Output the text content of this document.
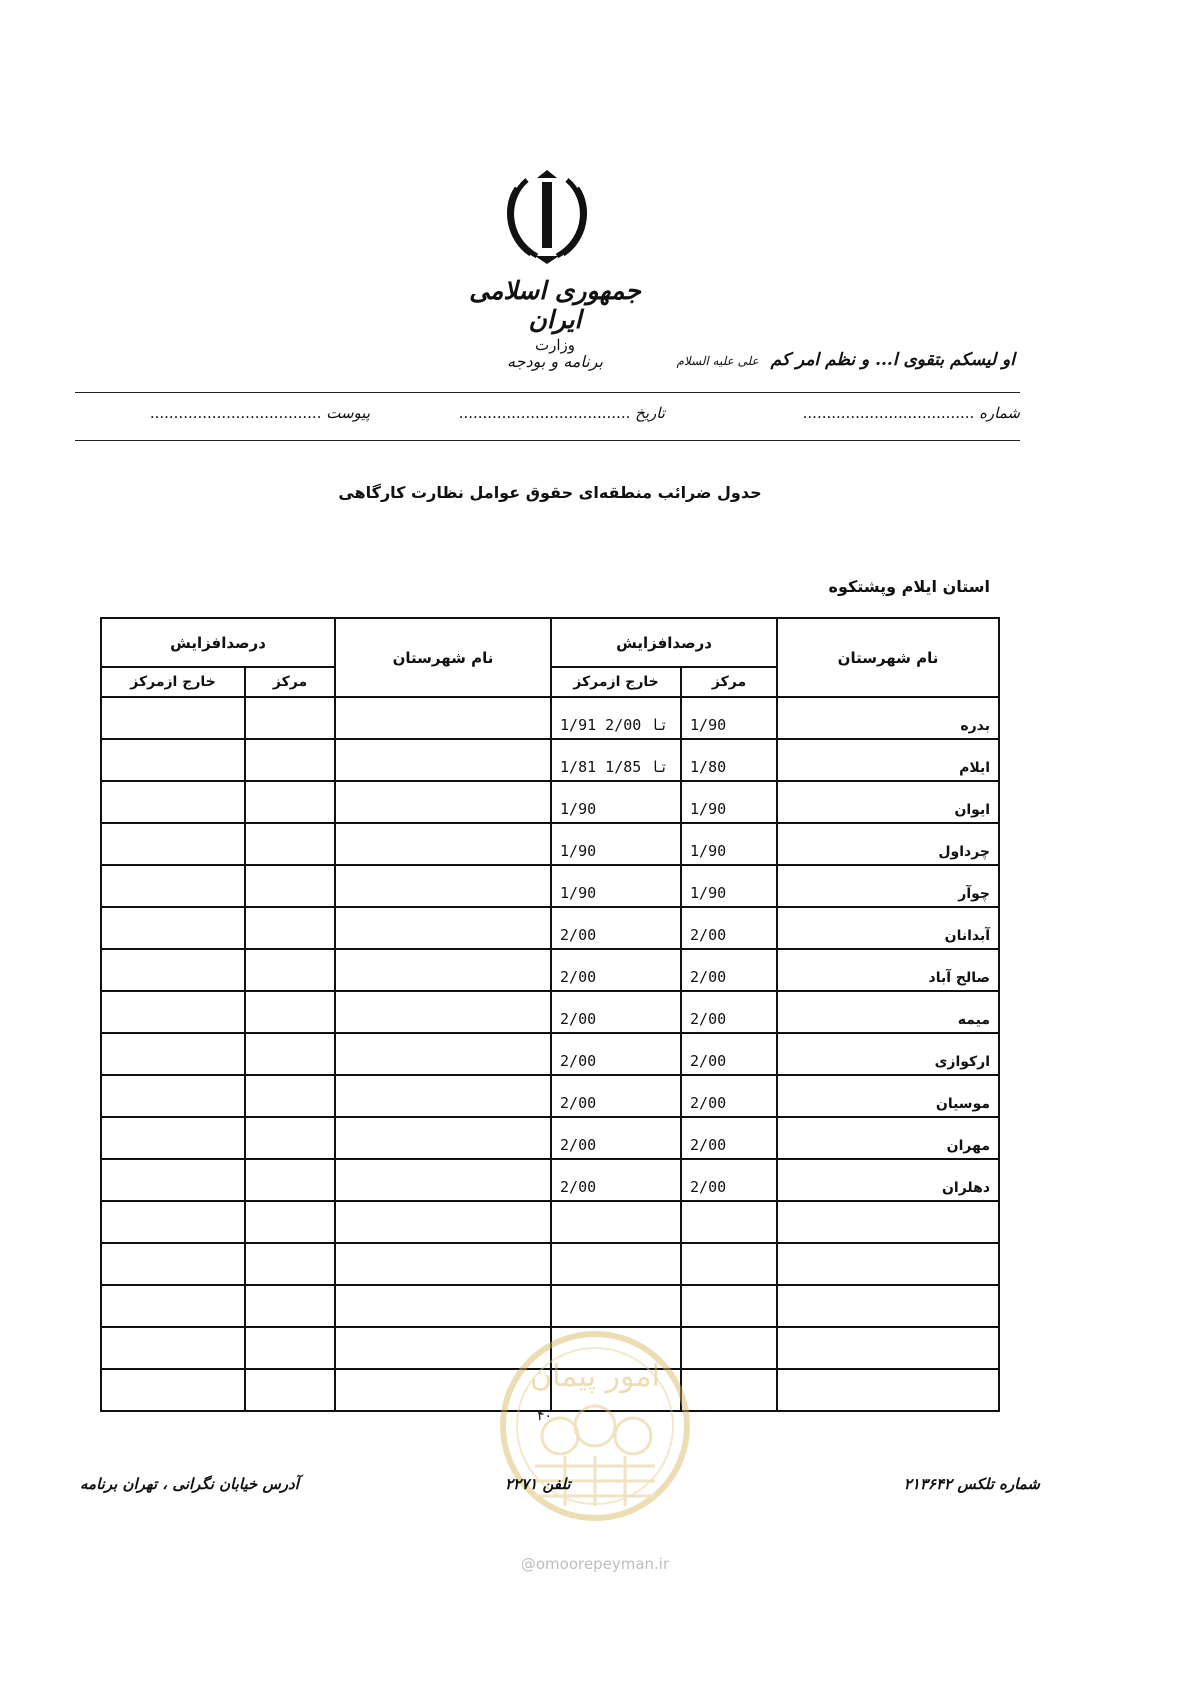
جمهوری اسلامی ایران
وزارت
برنامه و بودجه	او لیسکم بتقوی ا... و نظم امر کم علی علیه السلام
شماره ....................................
تاریخ ....................................
پیوست ....................................
حدول ضرائب منطقه‌ای حقوق عوامل نظارت کارگاهی
استان ایلام وپشتکوه
نام شهرستان	درصدافزایش		نام شهرستان	درصدافزایش	
	مرکز	خارج ازمرکز		مرکز	خارج ازمرکز
بدره	1/90	1/91 تا 2/00			
ایلام	1/80	1/81 تا 1/85			
ایوان	1/90	1/90			
چرداول	1/90	1/90			
چوآر	1/90	1/90			
آبدانان	2/00	2/00			
صالح آباد	2/00	2/00			
میمه	2/00	2/00			
ارکوازی	2/00	2/00			
موسیان	2/00	2/00			
مهران	2/00	2/00			
دهلران	2/00	2/00			

۴۰
امور پیمان
شماره تلکس ۲۱۳۶۴۲
تلفن ۲۲۷۱
آدرس خیابان نگرانی ، تهران برنامه
@omoorepeyman.ir
